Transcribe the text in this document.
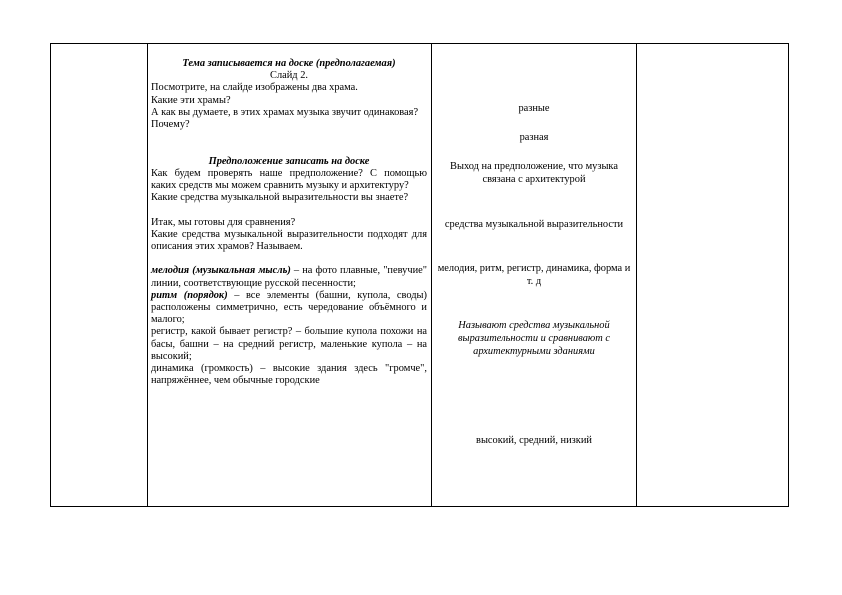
Тема записывается на доске (предполагаемая)

Слайд 2.

Посмотрите, на слайде изображены два храма.

Какие эти храмы?

А как вы думаете, в этих храмах музыка звучит одинаковая?

Почему?

Предположение записать на доске

Как будем проверять наше предположение? С помощью каких средств мы можем сравнить музыку и архитектуру?

Какие средства музыкальной выразительности вы знаете?

Итак, мы готовы для сравнения?

Какие средства музыкальной выразительности подходят для описания этих храмов? Называем.

мелодия (музыкальная мысль) – на фото плавные, "певучие" линии, соответствующие русской песенности;

ритм (порядок) – все элементы (башни, купола, своды) расположены симметрично, есть чередование объёмного и малого;

регистр, какой бывает регистр? – большие купола похожи на басы, башни – на средний регистр, маленькие купола – на высокий;

динамика (громкость) – высокие здания здесь "громче", напряжённее, чем обычные городские

разные
разная
Выход на предположение, что музыка связана с архитектурой
средства музыкальной выразительности
мелодия, ритм, регистр, динамика, форма и т. д
Называют средства музыкальной выразительности и сравнивают с архитектурными зданиями
высокий, средний, низкий
